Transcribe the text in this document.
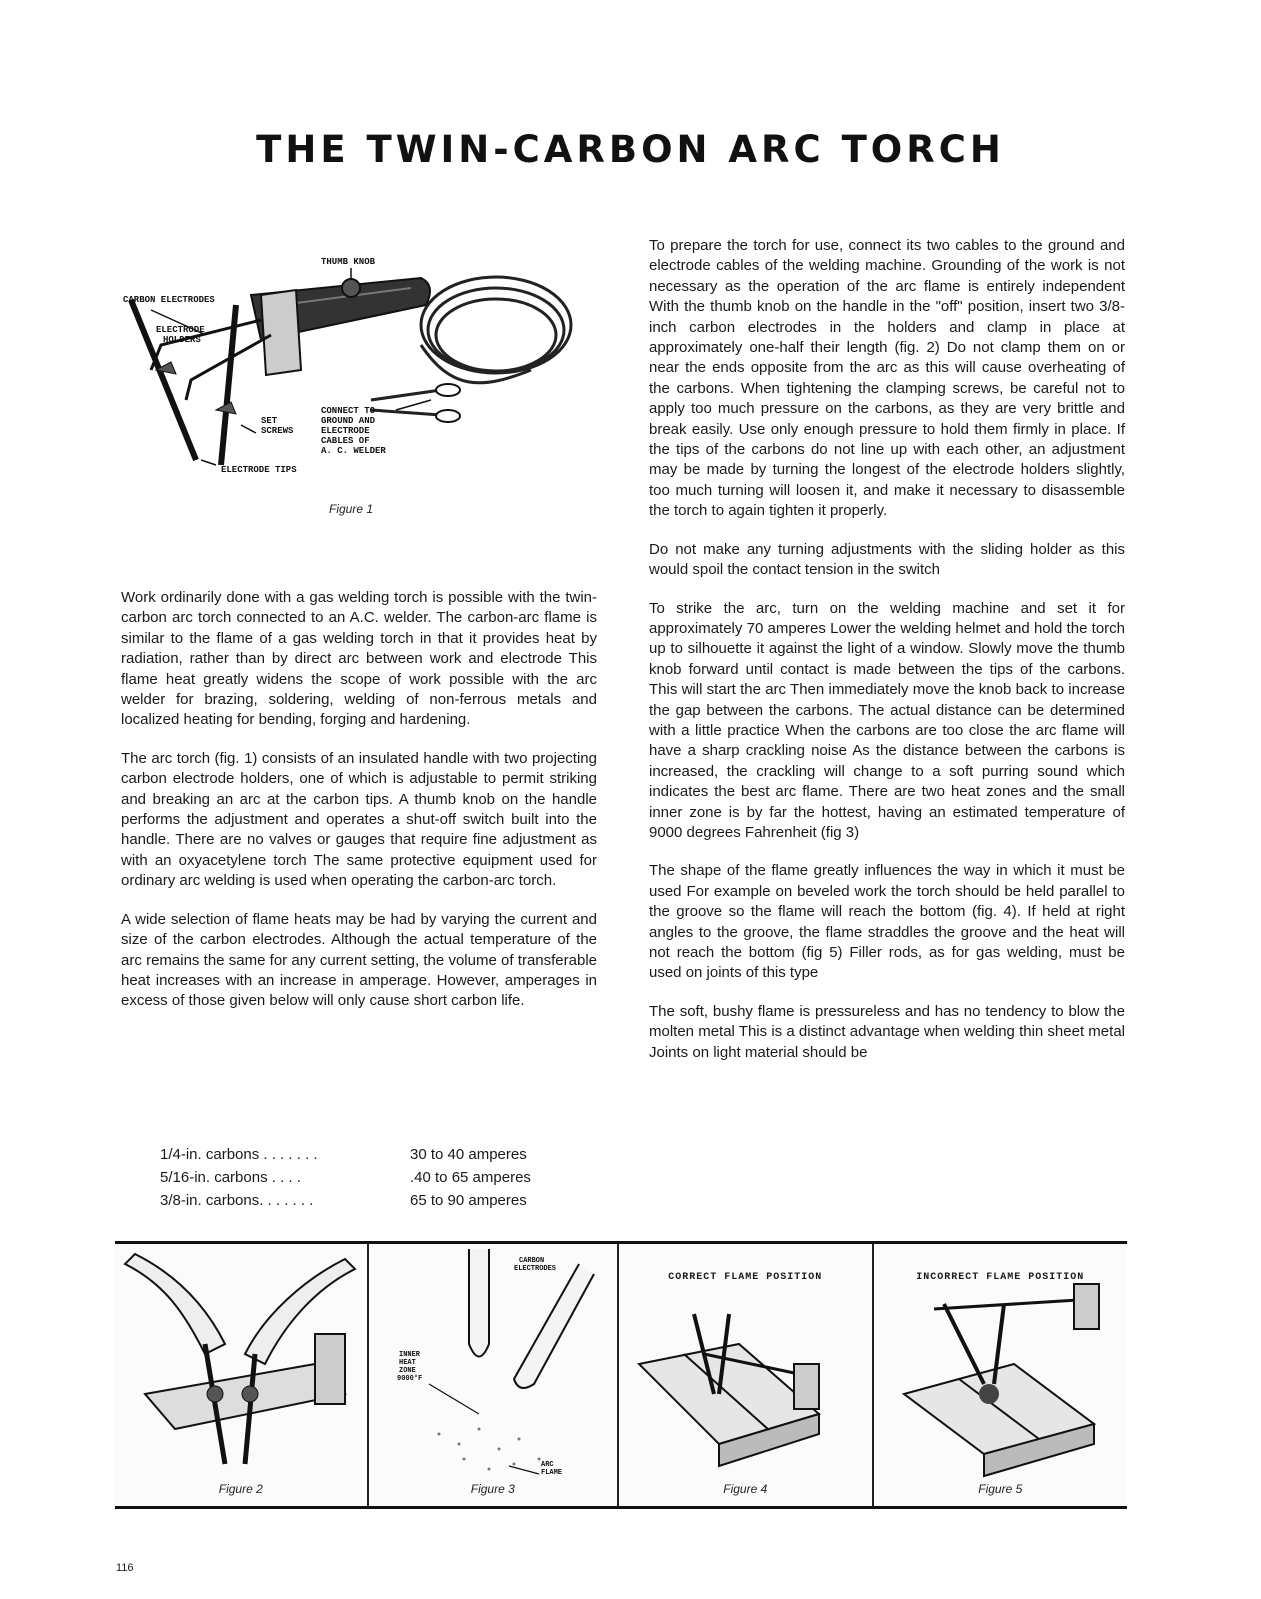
THE TWIN-CARBON ARC TORCH
THUMB KNOB
CARBON ELECTRODES
ELECTRODE
HOLDERS
SET
SCREWS
ELECTRODE TIPS
CONNECT TO
GROUND AND
ELECTRODE
CABLES OF
A. C. WELDER
Figure 1

Work ordinarily done with a gas welding torch is possible with the twin-carbon arc torch connected to an A.C. welder. The carbon-arc flame is similar to the flame of a gas welding torch in that it provides heat by radiation, rather than by direct arc between work and electrode This flame heat greatly widens the scope of work possible with the arc welder for brazing, soldering, welding of non-ferrous metals and localized heating for bending, forging and hardening.

The arc torch (fig. 1) consists of an insulated handle with two projecting carbon electrode holders, one of which is adjustable to permit striking and breaking an arc at the carbon tips. A thumb knob on the handle performs the adjustment and operates a shut-off switch built into the handle. There are no valves or gauges that require fine adjustment as with an oxyacetylene torch The same protective equipment used for ordinary arc welding is used when operating the carbon-arc torch.

A wide selection of flame heats may be had by varying the current and size of the carbon electrodes. Although the actual temperature of the arc remains the same for any current setting, the volume of transferable heat increases with an increase in amperage. However, amperages in excess of those given below will only cause short carbon life.

1/4-in. carbons . . . . . . .	30 to 40 amperes
5/16-in. carbons . . . .	.40 to 65 amperes
3/8-in. carbons. . . . . . .	65 to 90 amperes

To prepare the torch for use, connect its two cables to the ground and electrode cables of the welding machine. Grounding of the work is not necessary as the operation of the arc flame is entirely independent With the thumb knob on the handle in the "off" position, insert two 3/8-inch carbon electrodes in the holders and clamp in place at approximately one-half their length (fig. 2) Do not clamp them on or near the ends opposite from the arc as this will cause overheating of the carbons. When tightening the clamping screws, be careful not to apply too much pressure on the carbons, as they are very brittle and break easily. Use only enough pressure to hold them firmly in place. If the tips of the carbons do not line up with each other, an adjustment may be made by turning the longest of the electrode holders slightly, too much turning will loosen it, and make it necessary to disassemble the torch to again tighten it properly.

Do not make any turning adjustments with the sliding holder as this would spoil the contact tension in the switch

To strike the arc, turn on the welding machine and set it for approximately 70 amperes Lower the welding helmet and hold the torch up to silhouette it against the light of a window. Slowly move the thumb knob forward until contact is made between the tips of the carbons. This will start the arc Then immediately move the knob back to increase the gap between the carbons. The actual distance can be determined with a little practice When the carbons are too close the arc flame will have a sharp crackling noise As the distance between the carbons is increased, the crackling will change to a soft purring sound which indicates the best arc flame. There are two heat zones and the small inner zone is by far the hottest, having an estimated temperature of 9000 degrees Fahrenheit (fig 3)

The shape of the flame greatly influences the way in which it must be used For example on beveled work the torch should be held parallel to the groove so the flame will reach the bottom (fig. 4). If held at right angles to the groove, the flame straddles the groove and the heat will not reach the bottom (fig 5) Filler rods, as for gas welding, must be used on joints of this type

The soft, bushy flame is pressureless and has no tendency to blow the molten metal This is a distinct advantage when welding thin sheet metal Joints on light material should be

Figure 2
CARBON
ELECTRODES
INNER
HEAT
ZONE
9000°F
ARC
FLAME
Figure 3
CORRECT FLAME POSITION
Figure 4
INCORRECT FLAME POSITION
Figure 5
116
